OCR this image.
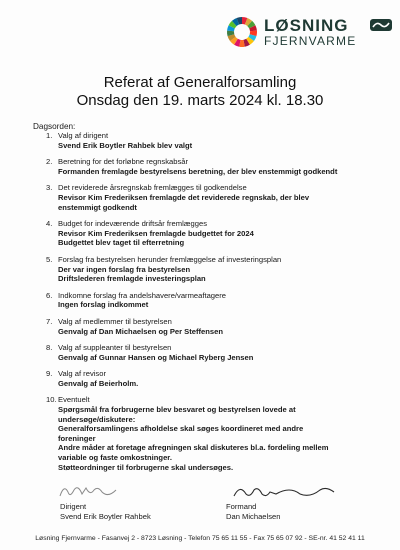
LØSNING
FJERNVARME
Referat af Generalforsamling
Onsdag den 19. marts 2024 kl. 18.30
Dagsorden:
1. Valg af dirigent
Svend Erik Boytler Rahbek blev valgt
2. Beretning for det forløbne regnskabsår
Formanden fremlagde bestyrelsens beretning, der blev enstemmigt godkendt
3. Det reviderede årsregnskab fremlægges til godkendelse
Revisor Kim Frederiksen fremlagde det reviderede regnskab, der blev
enstemmigt godkendt
4. Budget for indeværende driftsår fremlægges
Revisor Kim Frederiksen fremlagde budgettet for 2024
Budgettet blev taget til efterretning
5. Forslag fra bestyrelsen herunder fremlæggelse af investeringsplan
Der var ingen forslag fra bestyrelsen
Driftslederen fremlagde investeringsplan
6. Indkomne forslag fra andelshavere/varmeaftagere
Ingen forslag indkommet
7. Valg af medlemmer til bestyrelsen
Genvalg af Dan Michaelsen og Per Steffensen
8. Valg af suppleanter til bestyrelsen
Genvalg af Gunnar Hansen og Michael Ryberg Jensen
9. Valg af revisor
Genvalg af Beierholm.
10. Eventuelt
Spørgsmål fra forbrugerne blev besvaret og bestyrelsen lovede at
undersøge/diskutere:
Generalforsamlingens afholdelse skal søges koordineret med andre
foreninger
Andre måder at foretage afregningen skal diskuteres bl.a. fordeling mellem
variable og faste omkostninger.
Støtteordninger til forbrugerne skal undersøges.
Dirigent
Svend Erik Boytler Rahbek
Formand
Dan Michaelsen
Løsning Fjernvarme - Fasanvej 2 - 8723 Løsning - Telefon 75 65 11 55 - Fax 75 65 07 92 - SE-nr. 41 52 41 11
